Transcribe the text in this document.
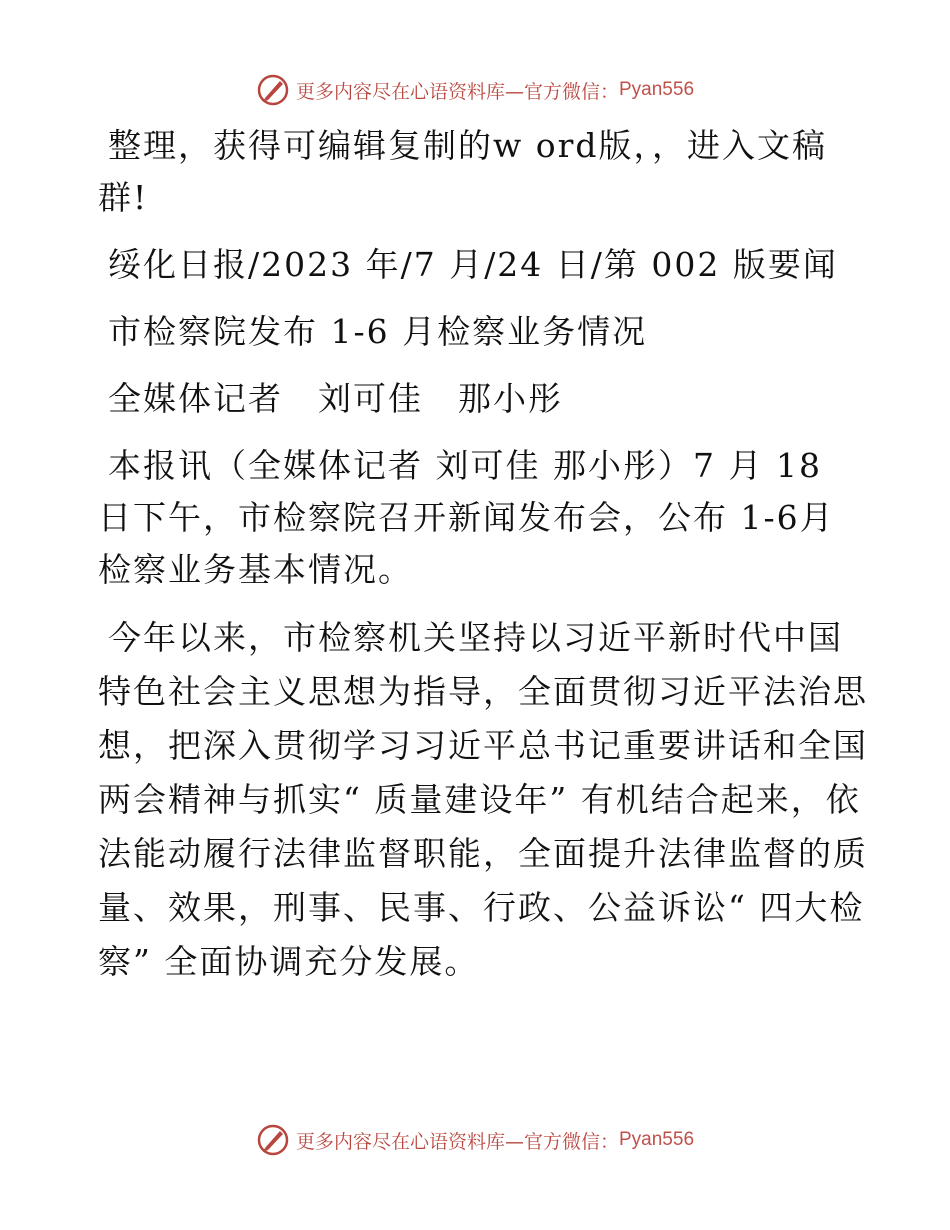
更多内容尽在心语资料库—官方微信： Pyan556

整理，获得可编辑复制的w ord版，，进入文稿群!

绥化日报/2023 年/7 月/24 日/第 002 版要闻

市检察院发布 1-6 月检察业务情况

全媒体记者　刘可佳　那小彤

本报讯（全媒体记者 刘可佳 那小彤）7 月 18 日下午，市检察院召开新闻发布会，公布 1-6月检察业务基本情况。

今年以来，市检察机关坚持以习近平新时代中国特色社会主义思想为指导，全面贯彻习近平法治思想，把深入贯彻学习习近平总书记重要讲话和全国两会精神与抓实“ 质量建设年” 有机结合起来，依法能动履行法律监督职能，全面提升法律监督的质量、效果，刑事、民事、行政、公益诉讼“ 四大检察” 全面协调充分发展。

更多内容尽在心语资料库—官方微信： Pyan556
